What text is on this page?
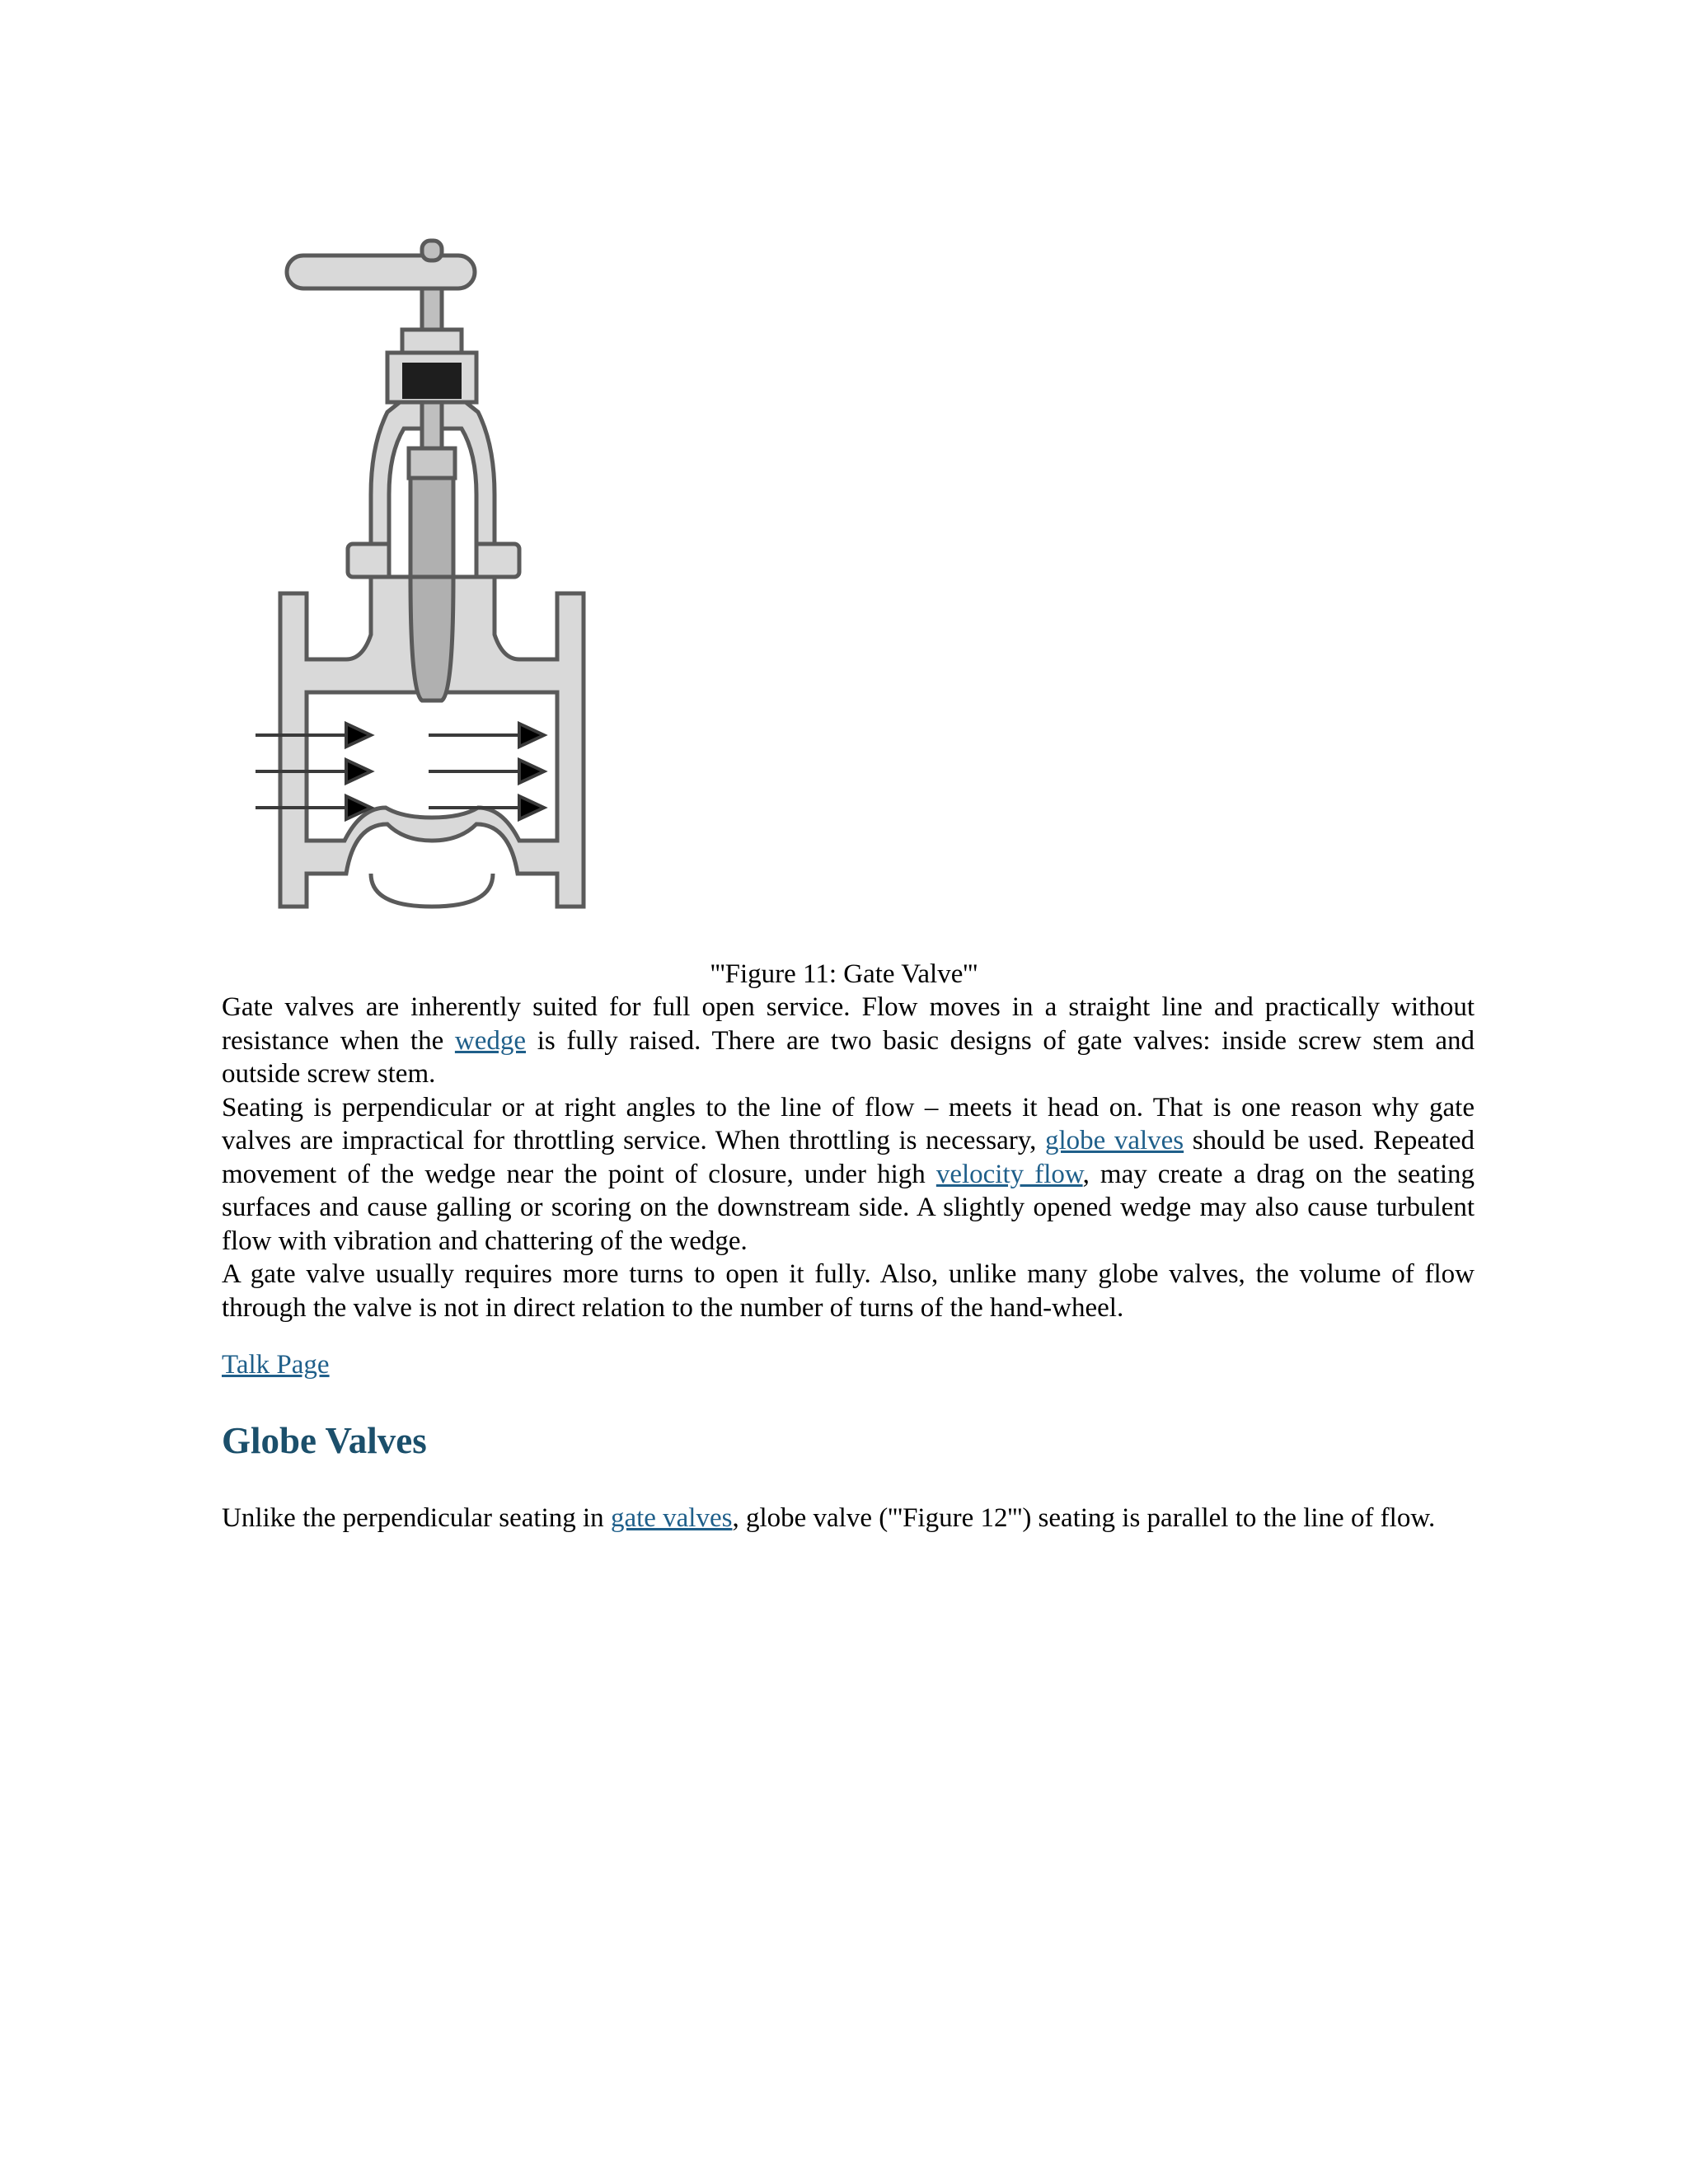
'''Figure 11: Gate Valve'''

Gate valves are inherently suited for full open service. Flow moves in a straight line and practically without resistance when the wedge is fully raised. There are two basic designs of gate valves: inside screw stem and outside screw stem.

Seating is perpendicular or at right angles to the line of flow – meets it head on. That is one reason why gate valves are impractical for throttling service. When throttling is necessary, globe valves should be used. Repeated movement of the wedge near the point of closure, under high velocity flow, may create a drag on the seating surfaces and cause galling or scoring on the downstream side. A slightly opened wedge may also cause turbulent flow with vibration and chattering of the wedge.

A gate valve usually requires more turns to open it fully. Also, unlike many globe valves, the volume of flow through the valve is not in direct relation to the number of turns of the hand-wheel.

Talk Page
Globe Valves

Unlike the perpendicular seating in gate valves, globe valve ('''Figure 12''') seating is parallel to the line of flow.
